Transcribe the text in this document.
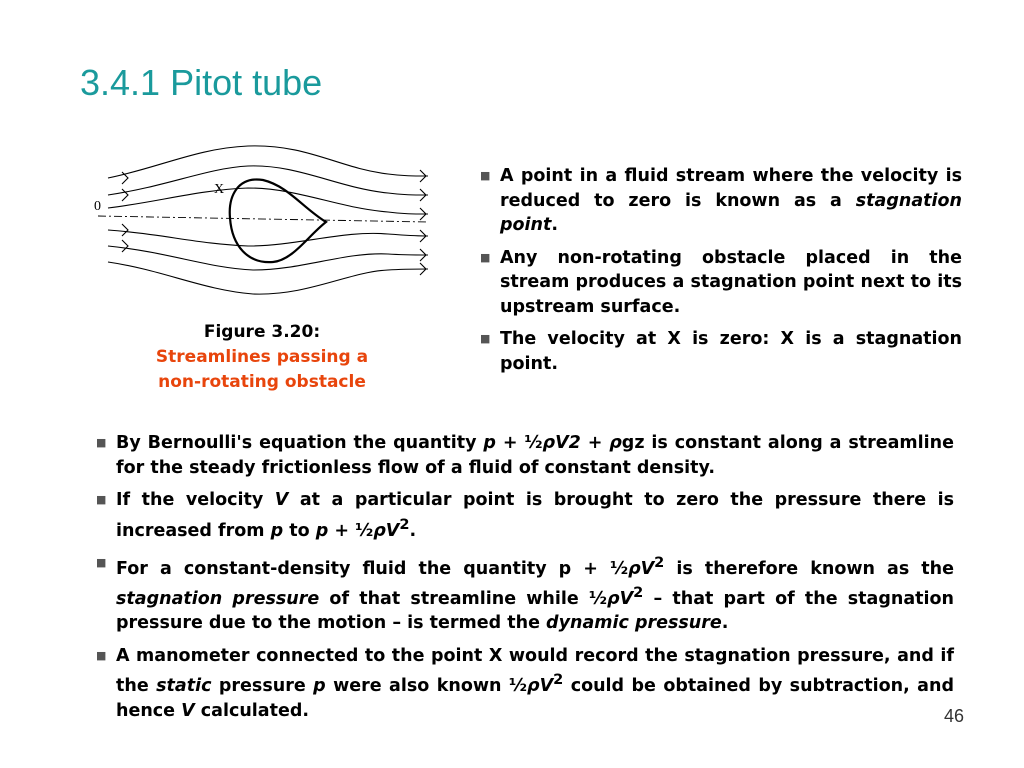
3.4.1 Pitot tube
X
0
Figure 3.20:
Streamlines passing a
non-rotating obstacle
■ A point in a fluid stream where the velocity is reduced to zero is known as a stagnation point.
■ Any non-rotating obstacle placed in the stream produces a stagnation point next to its upstream surface.
■ The velocity at X is zero: X is a stagnation point.
■ By Bernoulli's equation the quantity p + ½ρV2 + ρgz is constant along a streamline for the steady frictionless flow of a fluid of constant density.
■ If the velocity V at a particular point is brought to zero the pressure there is increased from p to $p + \frac{1}{2}\rho V^2$.
■ For a constant-density fluid the quantity $p + \frac{1}{2}\rho V^2$ is therefore known as the stagnation pressure of that streamline while $\frac{1}{2}\rho V^2$ – that part of the stagnation pressure due to the motion – is termed the dynamic pressure.
■ A manometer connected to the point X would record the stagnation pressure, and if the static pressure p were also known $\frac{1}{2}\rho V^2$ could be obtained by subtraction, and hence V calculated.	46
